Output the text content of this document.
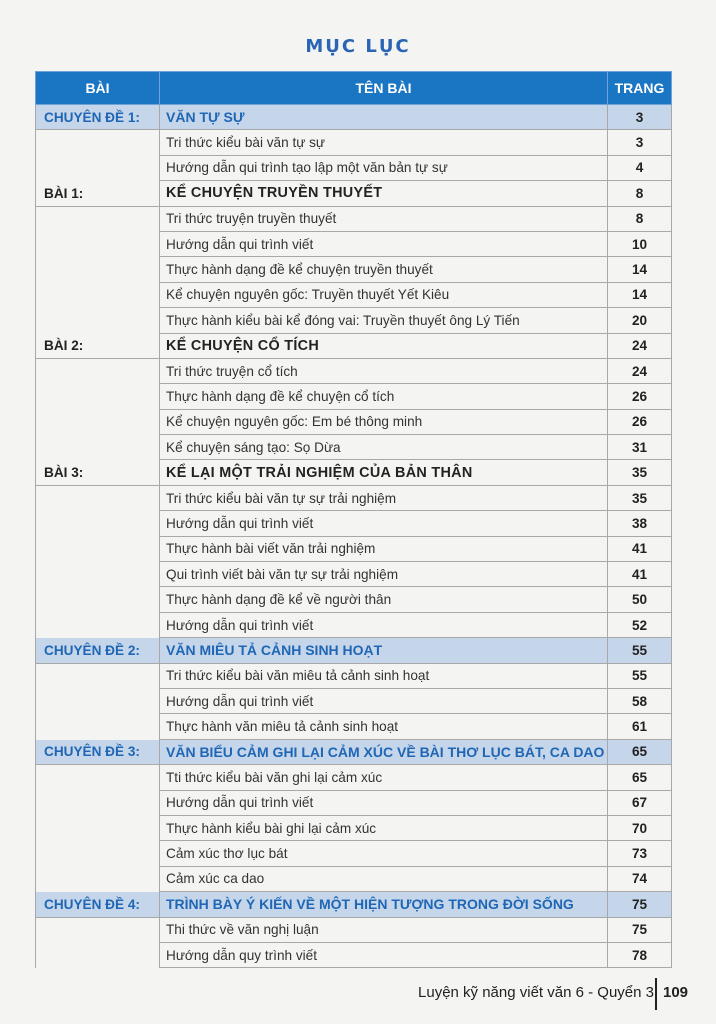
MỤC LỤC
BÀI	TÊN BÀI	TRANG
CHUYÊN ĐỀ 1:	VĂN TỰ SỰ	3
	Tri thức kiểu bài văn tự sự	3
	Hướng dẫn qui trình tạo lập một văn bản tự sự	4
BÀI 1:	KỂ CHUYỆN TRUYỀN THUYẾT	8
	Tri thức truyện truyền thuyết	8
	Hướng dẫn qui trình viết	10
	Thực hành dạng đề kể chuyện truyền thuyết	14
	Kể chuyện nguyên gốc: Truyền thuyết Yết Kiêu	14
	Thực hành kiểu bài kể đóng vai: Truyền thuyết ông Lý Tiến	20
BÀI 2:	KỂ CHUYỆN CỔ TÍCH	24
	Tri thức truyện cổ tích	24
	Thực hành dạng đề kể chuyện cổ tích	26
	Kể chuyện nguyên gốc: Em bé thông minh	26
	Kể chuyện sáng tạo: Sọ Dừa	31
BÀI 3:	KỂ LẠI MỘT TRẢI NGHIỆM CỦA BẢN THÂN	35
	Tri thức kiểu bài văn tự sự trải nghiệm	35
	Hướng dẫn qui trình viết	38
	Thực hành bài viết văn trải nghiệm	41
	Qui trình viết bài văn tự sự trải nghiệm	41
	Thực hành dạng đề kể về người thân	50
	Hướng dẫn qui trình viết	52
CHUYÊN ĐỀ 2:	VĂN MIÊU TẢ CẢNH SINH HOẠT	55
	Tri thức kiểu bài văn miêu tả cảnh sinh hoạt	55
	Hướng dẫn qui trình viết	58
	Thực hành văn miêu tả cảnh sinh hoạt	61
CHUYÊN ĐỀ 3:	VĂN BIỂU CẢM GHI LẠI CẢM XÚC VỀ BÀI THƠ LỤC BÁT, CA DAO	65
	Tti thức kiểu bài văn ghi lại cảm xúc	65
	Hướng dẫn qui trình viết	67
	Thực hành kiểu bài ghi lại cảm xúc	70
	Cảm xúc thơ lục bát	73
	Cảm xúc ca dao	74
CHUYÊN ĐỀ 4:	TRÌNH BÀY Ý KIẾN VỀ MỘT HIỆN TƯỢNG TRONG ĐỜI SỐNG	75
	Thi thức về văn nghị luận	75
	Hướng dẫn quy trình viết	78
Luyện kỹ năng viết văn 6 - Quyển 3 109
